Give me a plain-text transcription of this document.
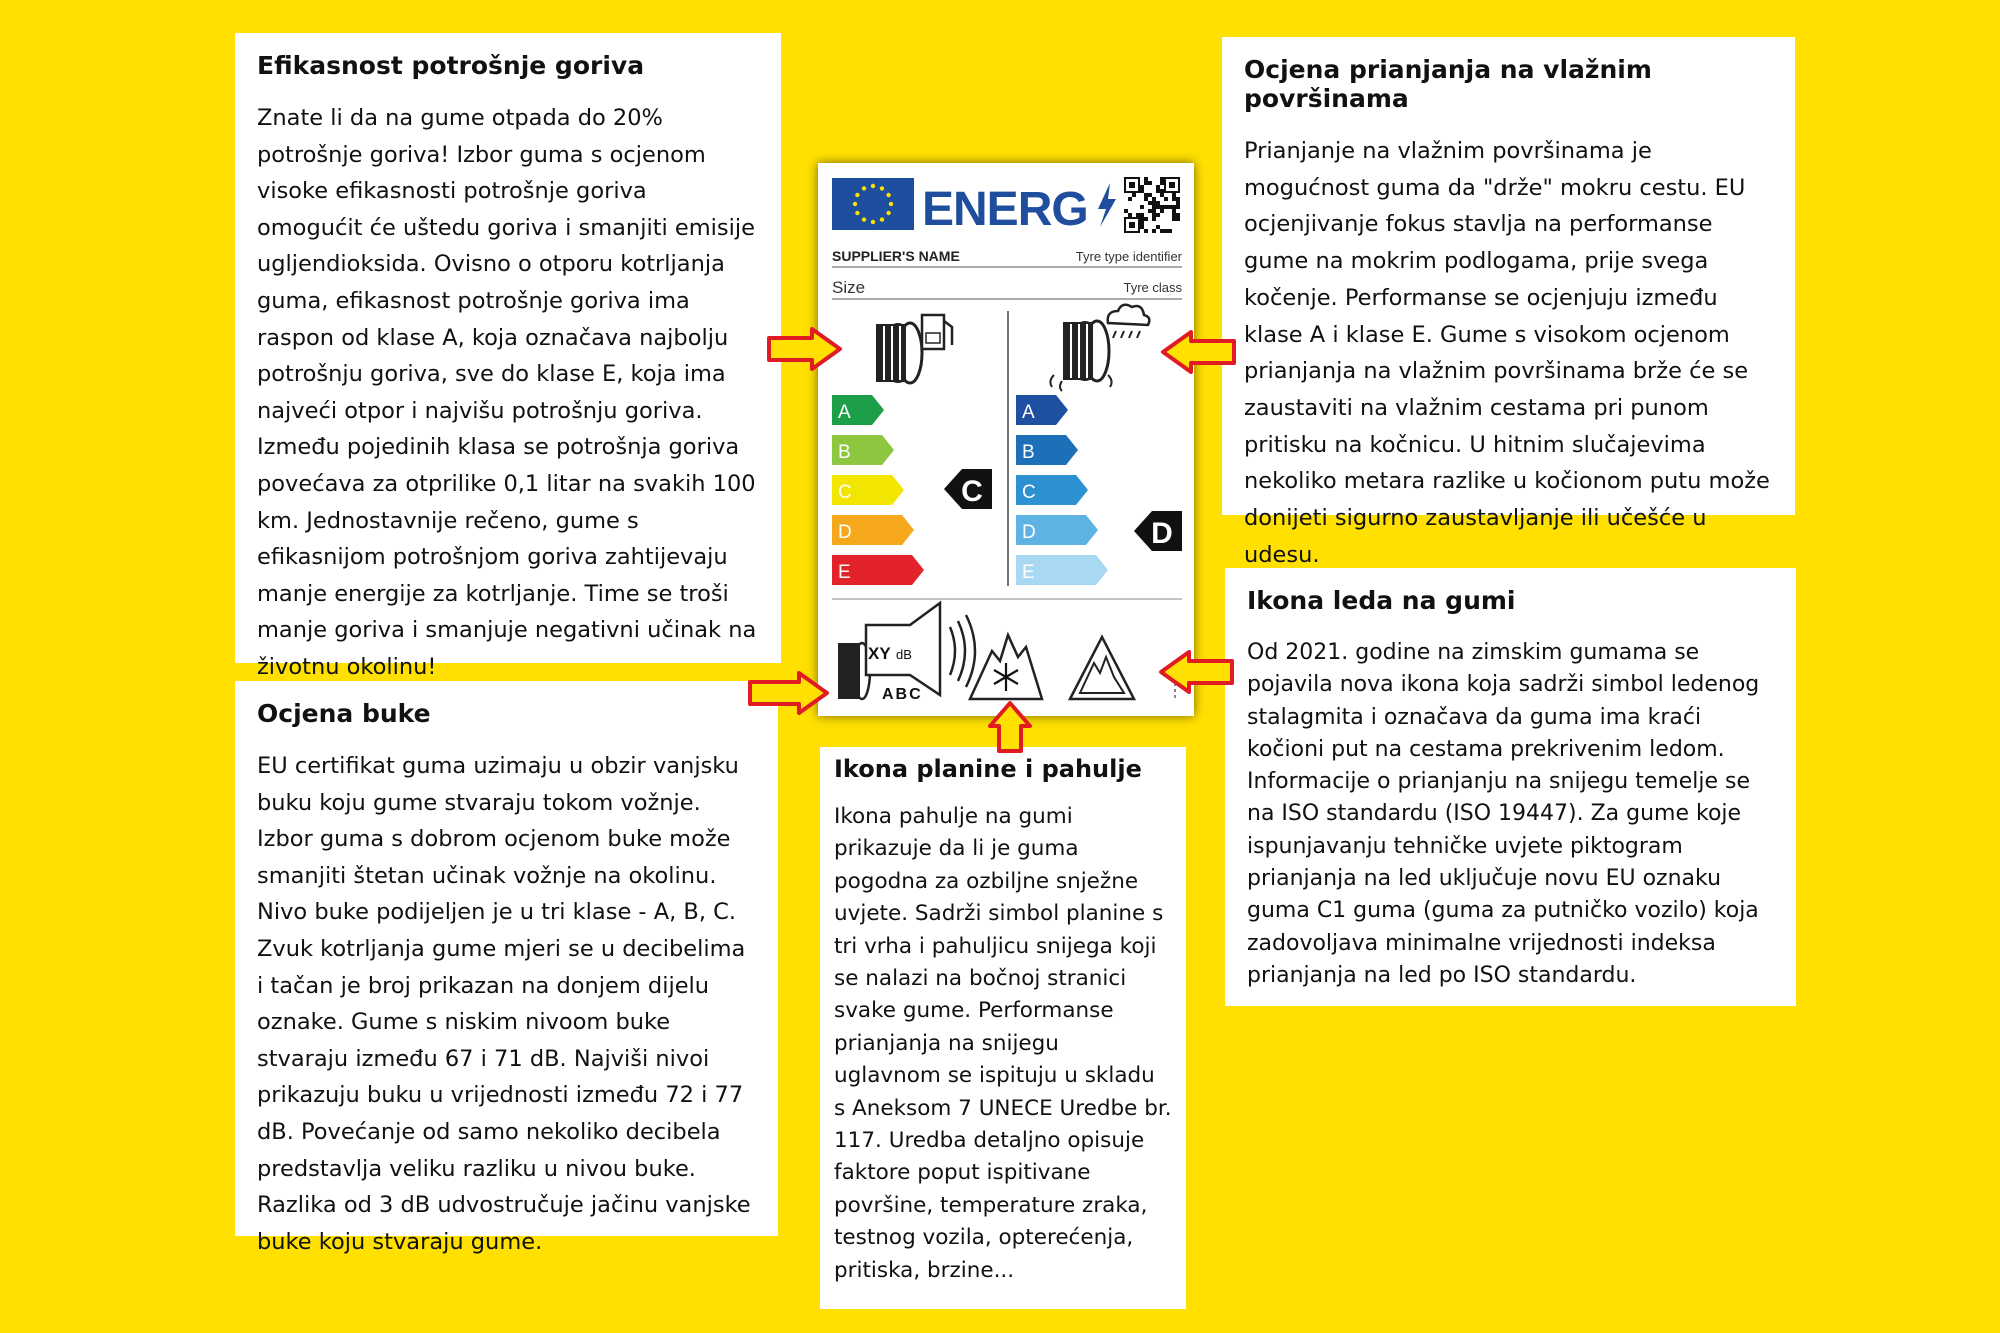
Efikasnost potrošnje goriva

Znate li da na gume otpada do 20% potrošnje goriva! Izbor guma s ocjenom visoke efikasnosti potrošnje goriva omogućit će uštedu goriva i smanjiti emisije ugljendioksida. Ovisno o otporu kotrljanja guma, efikasnost potrošnje goriva ima raspon od klase A, koja označava najbolju potrošnju goriva, sve do klase E, koja ima najveći otpor i najvišu potrošnju goriva. Između pojedinih klasa se potrošnja goriva povećava za otprilike 0,1 litar na svakih 100 km. Jednostavnije rečeno, gume s efikasnijom potrošnjom goriva zahtijevaju manje energije za kotrljanje. Time se troši manje goriva i smanjuje negativni učinak na životnu okolinu!

Ocjena buke

EU certifikat guma uzimaju u obzir vanjsku buku koju gume stvaraju tokom vožnje. Izbor guma s dobrom ocjenom buke može smanjiti štetan učinak vožnje na okolinu. Nivo buke podijeljen je u tri klase - A, B, C. Zvuk kotrljanja gume mjeri se u decibelima i tačan je broj prikazan na donjem dijelu oznake. Gume s niskim nivoom buke stvaraju između 67 i 71 dB. Najviši nivoi prikazuju buku u vrijednosti između 72 i 77 dB. Povećanje od samo nekoliko decibela predstavlja veliku razliku u nivou buke. Razlika od 3 dB udvostručuje jačinu vanjske buke koju stvaraju gume.

Ocjena prianjanja na vlažnim površinama

Prianjanje na vlažnim površinama je mogućnost guma da "drže" mokru cestu. EU ocjenjivanje fokus stavlja na performanse gume na mokrim podlogama, prije svega kočenje. Performanse se ocjenjuju između klase A i klase E. Gume s visokom ocjenom prianjanja na vlažnim površinama brže će se zaustaviti na vlažnim cestama pri punom pritisku na kočnicu. U hitnim slučajevima nekoliko metara razlike u kočionom putu može donijeti sigurno zaustavljanje ili učešće u udesu.

Ikona leda na gumi

Od 2021. godine na zimskim gumama se pojavila nova ikona koja sadrži simbol ledenog stalagmita i označava da guma ima kraći kočioni put na cestama prekrivenim ledom. Informacije o prianjanju na snijegu temelje se na ISO standardu (ISO 19447). Za gume koje ispunjavanju tehničke uvjete piktogram prianjanja na led uključuje novu EU oznaku guma C1 guma (guma za putničko vozilo) koja zadovoljava minimalne vrijednosti indeksa prianjanja na led po ISO standardu.

Ikona planine i pahulje

Ikona pahulje na gumi prikazuje da li je guma pogodna za ozbiljne snježne uvjete. Sadrži simbol planine s tri vrha i pahuljicu snijega koji se nalazi na bočnoj stranici svake gume. Performanse prianjanja na snijegu uglavnom se ispituju u skladu s Aneksom 7 UNECE Uredbe br. 117. Uredba detaljno opisuje faktore poput ispitivane površine, temperature zraka, testnog vozila, opterećenja, pritiska, brzine...

ENERG
SUPPLIER'S NAME	Tyre type identifier
Size	Tyre class
A
B
C
D
E
A
B
C
D
E
C
D
XY dB
ABC
